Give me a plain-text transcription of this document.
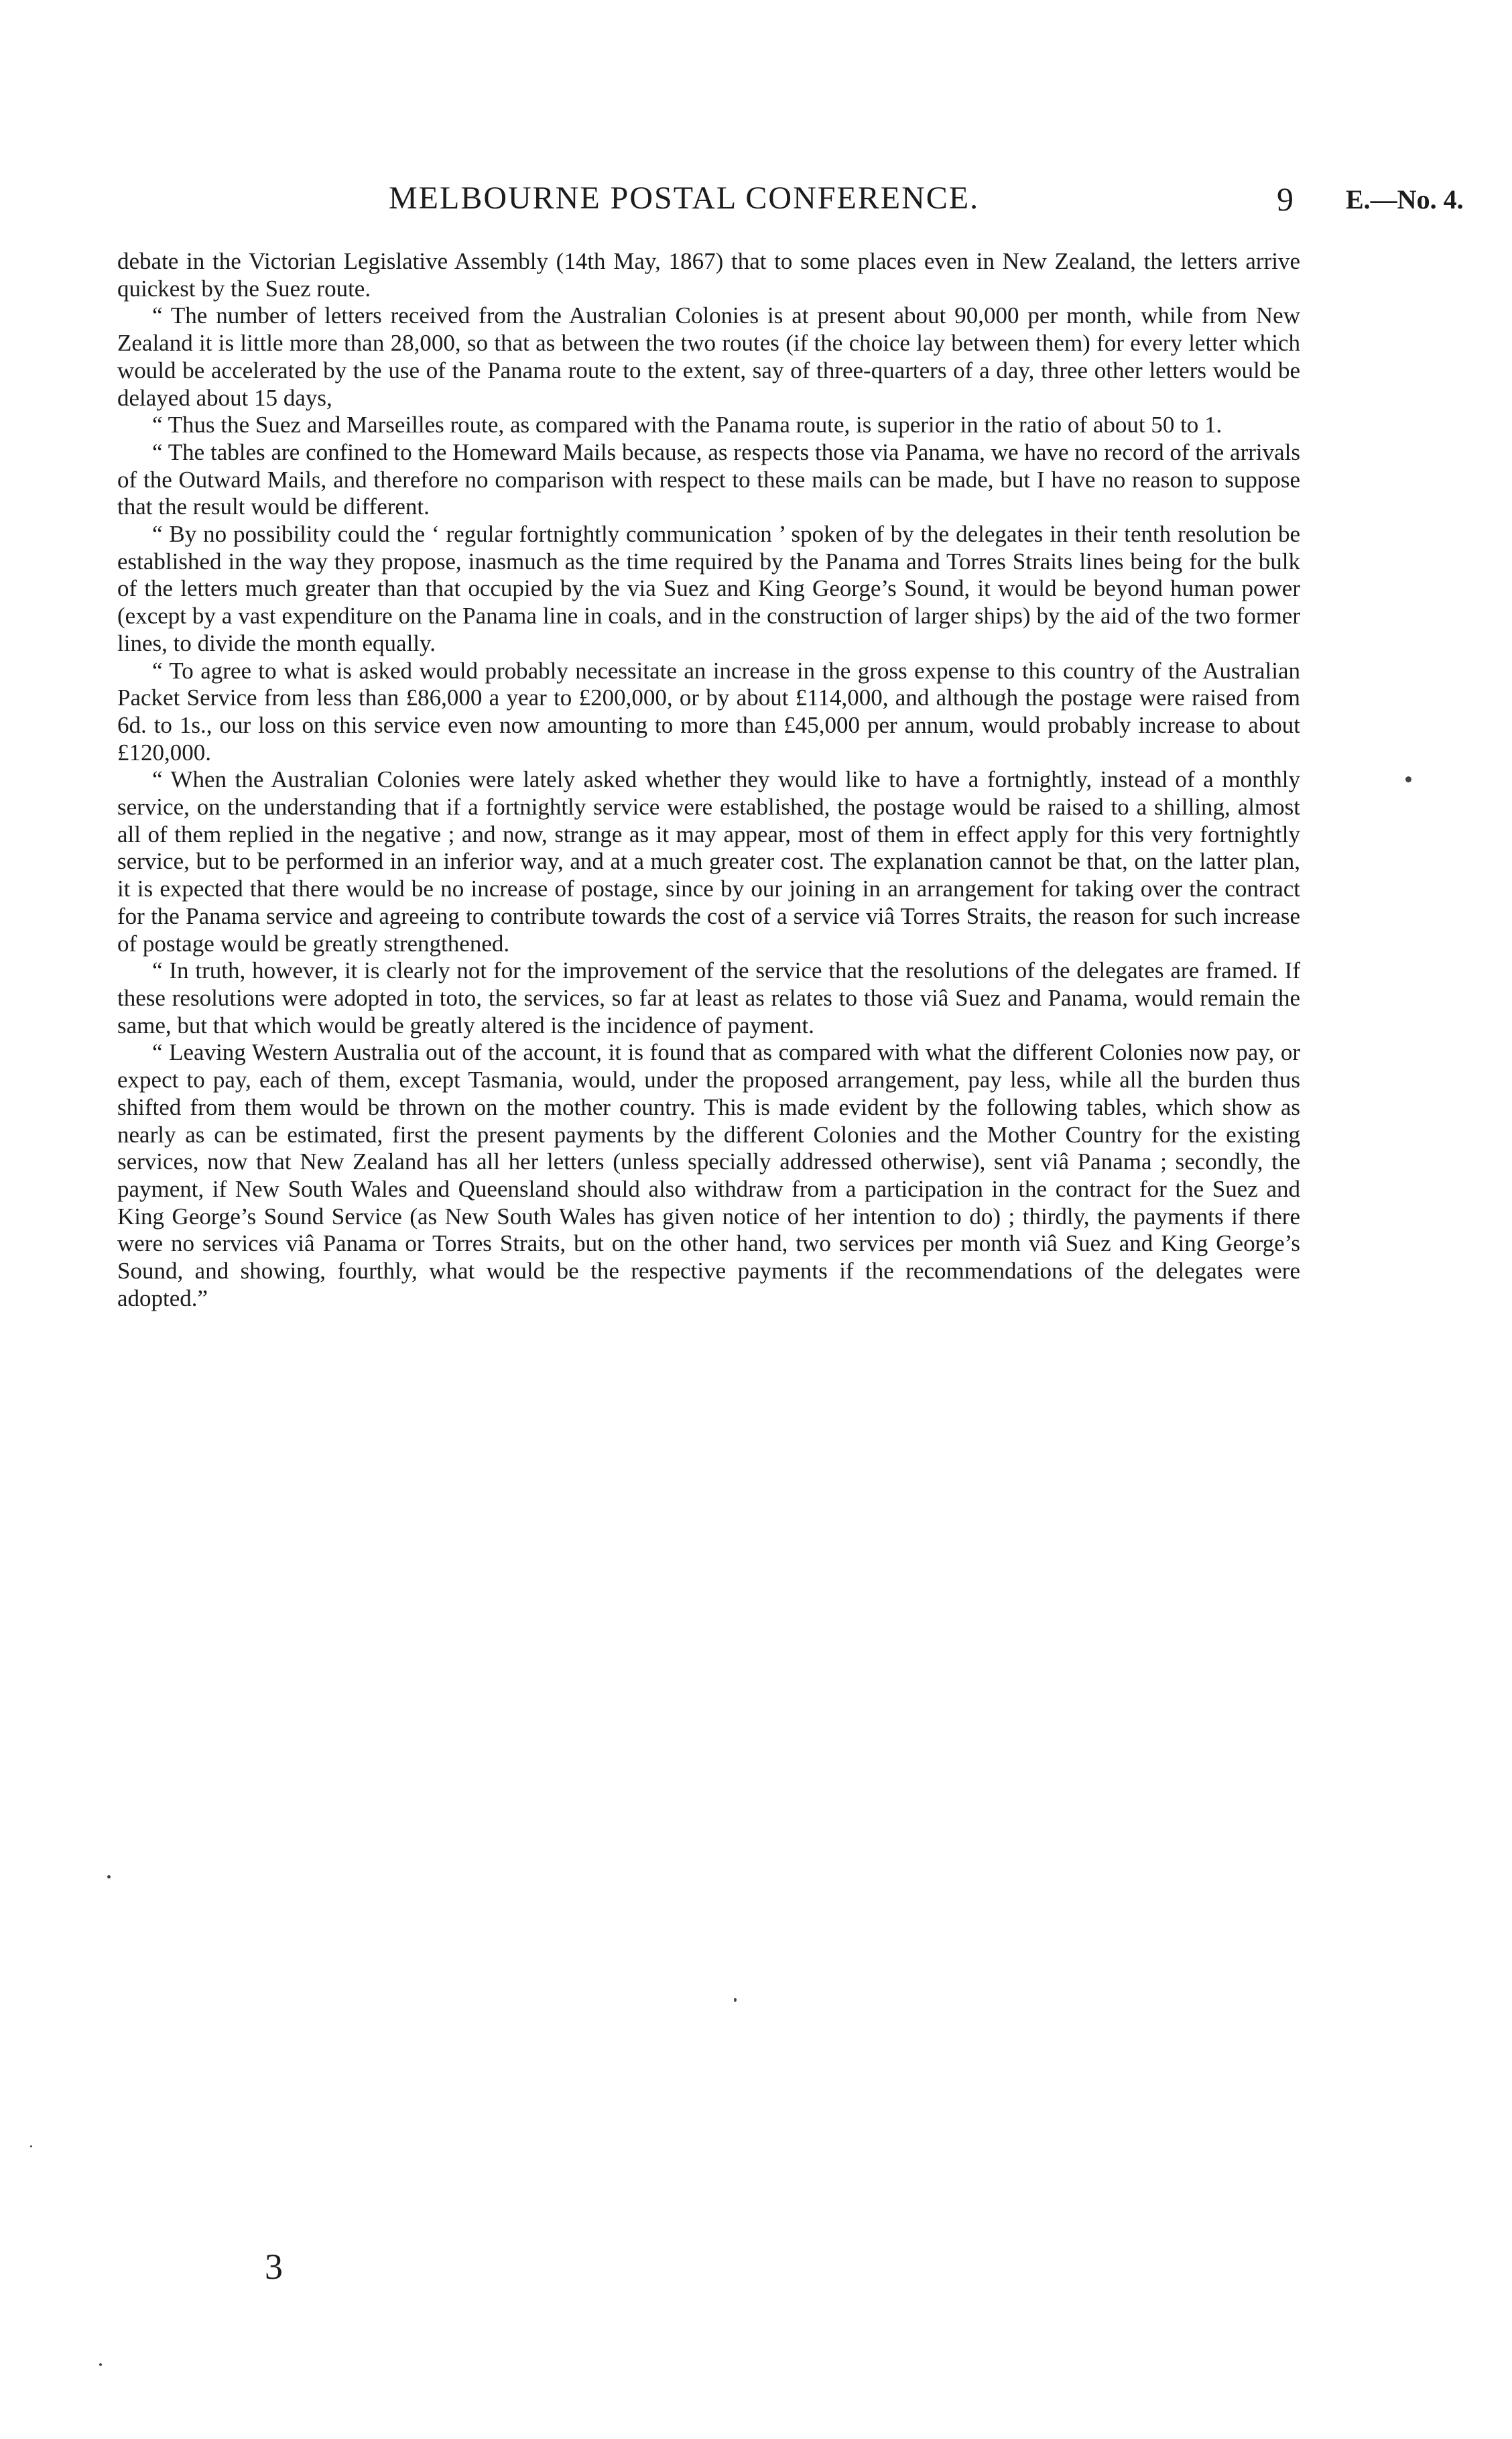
MELBOURNE POSTAL CONFERENCE.	9 E.—No. 4.

debate in the Victorian Legislative Assembly (14th May, 1867) that to some places even in New Zealand, the letters arrive quickest by the Suez route.

“ The number of letters received from the Australian Colonies is at present about 90,000 per month, while from New Zealand it is little more than 28,000, so that as between the two routes (if the choice lay between them) for every letter which would be accelerated by the use of the Panama route to the extent, say of three-quarters of a day, three other letters would be delayed about 15 days,

“ Thus the Suez and Marseilles route, as compared with the Panama route, is superior in the ratio of about 50 to 1.

“ The tables are confined to the Homeward Mails because, as respects those via Panama, we have no record of the arrivals of the Outward Mails, and therefore no comparison with respect to these mails can be made, but I have no reason to suppose that the result would be different.

“ By no possibility could the ‘ regular fortnightly communication ’ spoken of by the delegates in their tenth resolution be established in the way they propose, inasmuch as the time required by the Panama and Torres Straits lines being for the bulk of the letters much greater than that occupied by the via Suez and King George’s Sound, it would be beyond human power (except by a vast expenditure on the Panama line in coals, and in the construction of larger ships) by the aid of the two former lines, to divide the month equally.

“ To agree to what is asked would probably necessitate an increase in the gross expense to this country of the Australian Packet Service from less than £86,000 a year to £200,000, or by about £114,000, and although the postage were raised from 6d. to 1s., our loss on this service even now amounting to more than £45,000 per annum, would probably increase to about £120,000.

“ When the Australian Colonies were lately asked whether they would like to have a fortnightly, instead of a monthly service, on the understanding that if a fortnightly service were established, the postage would be raised to a shilling, almost all of them replied in the negative ; and now, strange as it may appear, most of them in effect apply for this very fortnightly service, but to be performed in an inferior way, and at a much greater cost. The explanation cannot be that, on the latter plan, it is expected that there would be no increase of postage, since by our joining in an arrangement for taking over the contract for the Panama service and agreeing to contribute towards the cost of a service viâ Torres Straits, the reason for such increase of postage would be greatly strengthened.

“ In truth, however, it is clearly not for the improvement of the service that the resolutions of the delegates are framed. If these resolutions were adopted in toto, the services, so far at least as relates to those viâ Suez and Panama, would remain the same, but that which would be greatly altered is the incidence of payment.

“ Leaving Western Australia out of the account, it is found that as compared with what the different Colonies now pay, or expect to pay, each of them, except Tasmania, would, under the proposed arrangement, pay less, while all the burden thus shifted from them would be thrown on the mother country. This is made evident by the following tables, which show as nearly as can be estimated, first the present payments by the different Colonies and the Mother Country for the existing services, now that New Zealand has all her letters (unless specially addressed otherwise), sent viâ Panama ; secondly, the payment, if New South Wales and Queensland should also withdraw from a participation in the contract for the Suez and King George’s Sound Service (as New South Wales has given notice of her intention to do) ; thirdly, the payments if there were no services viâ Panama or Torres Straits, but on the other hand, two services per month viâ Suez and King George’s Sound, and showing, fourthly, what would be the respective payments if the recommendations of the delegates were adopted.”

3
